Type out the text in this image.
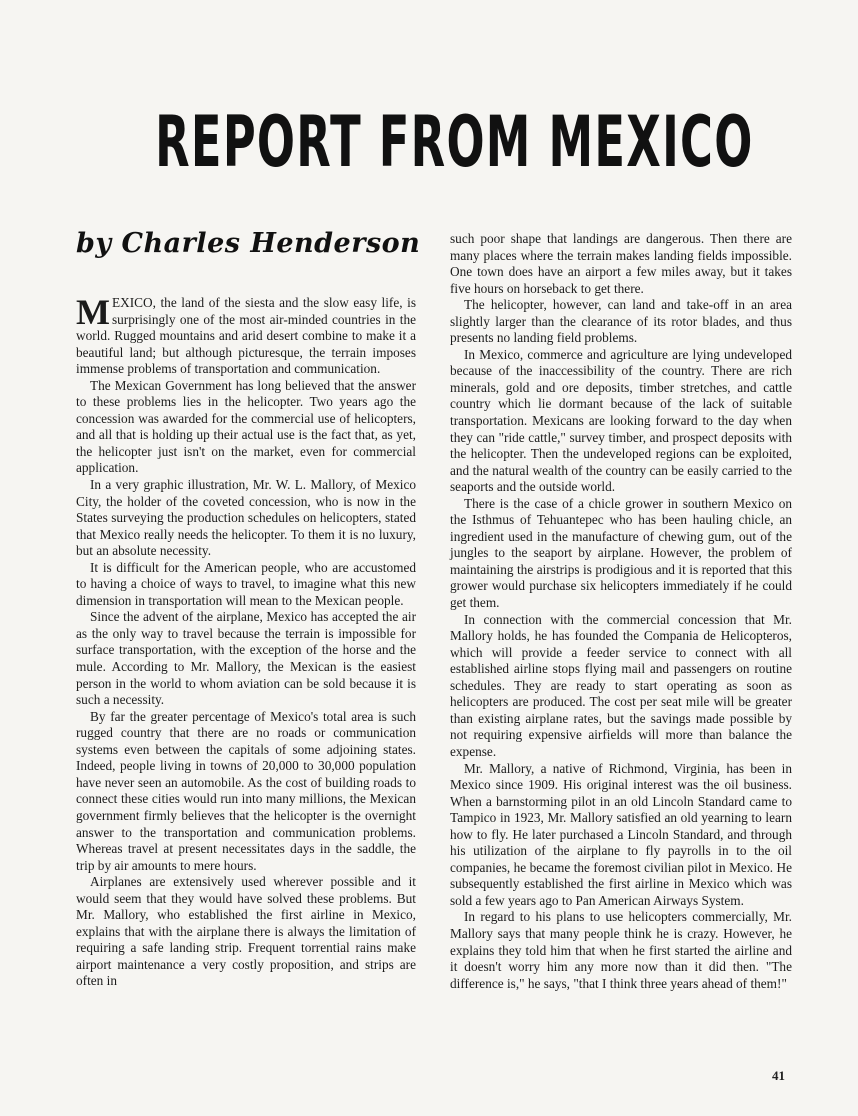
REPORT FROM MEXICO
by Charles Henderson

MEXICO, the land of the siesta and the slow easy life, is surprisingly one of the most air-minded countries in the world. Rugged mountains and arid desert combine to make it a beautiful land; but although picturesque, the terrain imposes immense problems of transportation and communication.

The Mexican Government has long believed that the answer to these problems lies in the helicopter. Two years ago the concession was awarded for the commercial use of helicopters, and all that is holding up their actual use is the fact that, as yet, the helicopter just isn't on the market, even for commercial application.

In a very graphic illustration, Mr. W. L. Mallory, of Mexico City, the holder of the coveted concession, who is now in the States surveying the production schedules on helicopters, stated that Mexico really needs the helicopter. To them it is no luxury, but an absolute necessity.

It is difficult for the American people, who are accustomed to having a choice of ways to travel, to imagine what this new dimension in transportation will mean to the Mexican people.

Since the advent of the airplane, Mexico has accepted the air as the only way to travel because the terrain is impossible for surface transportation, with the exception of the horse and the mule. According to Mr. Mallory, the Mexican is the easiest person in the world to whom aviation can be sold because it is such a necessity.

By far the greater percentage of Mexico's total area is such rugged country that there are no roads or communication systems even between the capitals of some adjoining states. Indeed, people living in towns of 20,000 to 30,000 population have never seen an automobile. As the cost of building roads to connect these cities would run into many millions, the Mexican government firmly believes that the helicopter is the overnight answer to the transportation and communication problems. Whereas travel at present necessitates days in the saddle, the trip by air amounts to mere hours.

Airplanes are extensively used wherever possible and it would seem that they would have solved these problems. But Mr. Mallory, who established the first airline in Mexico, explains that with the airplane there is always the limitation of requiring a safe landing strip. Frequent torrential rains make airport maintenance a very costly proposition, and strips are often in

such poor shape that landings are dangerous. Then there are many places where the terrain makes landing fields impossible. One town does have an airport a few miles away, but it takes five hours on horseback to get there.

The helicopter, however, can land and take-off in an area slightly larger than the clearance of its rotor blades, and thus presents no landing field problems.

In Mexico, commerce and agriculture are lying undeveloped because of the inaccessibility of the country. There are rich minerals, gold and ore deposits, timber stretches, and cattle country which lie dormant because of the lack of suitable transportation. Mexicans are looking forward to the day when they can "ride cattle," survey timber, and prospect deposits with the helicopter. Then the undeveloped regions can be exploited, and the natural wealth of the country can be easily carried to the seaports and the outside world.

There is the case of a chicle grower in southern Mexico on the Isthmus of Tehuantepec who has been hauling chicle, an ingredient used in the manufacture of chewing gum, out of the jungles to the seaport by airplane. However, the problem of maintaining the airstrips is prodigious and it is reported that this grower would purchase six helicopters immediately if he could get them.

In connection with the commercial concession that Mr. Mallory holds, he has founded the Compania de Helicopteros, which will provide a feeder service to connect with all established airline stops flying mail and passengers on routine schedules. They are ready to start operating as soon as helicopters are produced. The cost per seat mile will be greater than existing airplane rates, but the savings made possible by not requiring expensive airfields will more than balance the expense.

Mr. Mallory, a native of Richmond, Virginia, has been in Mexico since 1909. His original interest was the oil business. When a barnstorming pilot in an old Lincoln Standard came to Tampico in 1923, Mr. Mallory satisfied an old yearning to learn how to fly. He later purchased a Lincoln Standard, and through his utilization of the airplane to fly payrolls in to the oil companies, he became the foremost civilian pilot in Mexico. He subsequently established the first airline in Mexico which was sold a few years ago to Pan American Airways System.

In regard to his plans to use helicopters commercially, Mr. Mallory says that many people think he is crazy. However, he explains they told him that when he first started the airline and it doesn't worry him any more now than it did then. "The difference is," he says, "that I think three years ahead of them!"

41
